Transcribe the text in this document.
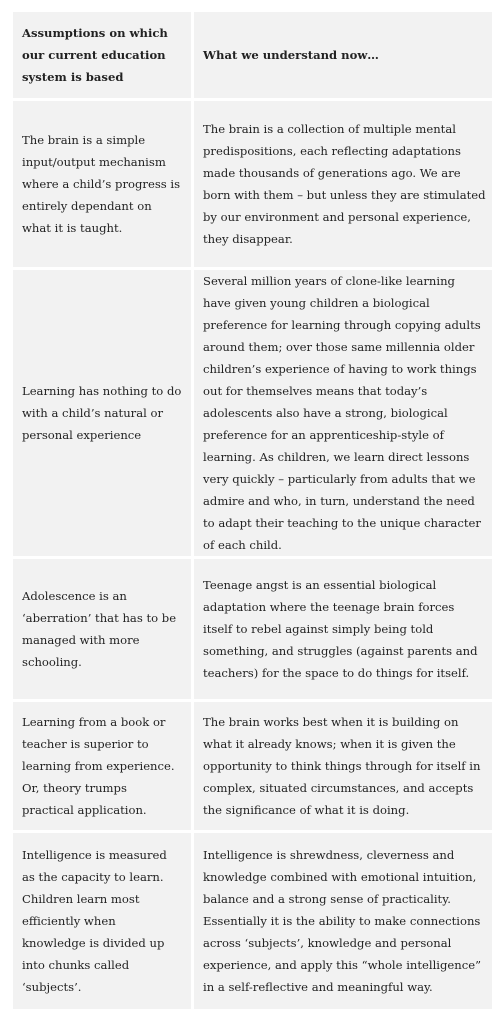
Assumptions on which our current education system is based	What we understand now…
The brain is a simple input/output mechanism where a child’s progress is entirely dependant on what it is taught.	The brain is a collection of multiple mental predispositions, each reflecting adaptations made thousands of generations ago. We are born with them – but unless they are stimulated by our environment and personal experience, they disappear.
Learning has nothing to do with a child’s natural or personal experience	Several million years of clone-like learning have given young children a biological preference for learning through copying adults around them; over those same millennia older children’s experience of having to work things out for themselves means that today’s adolescents also have a strong, biological preference for an apprenticeship-style of learning. As children, we learn direct lessons very quickly – particularly from adults that we admire and who, in turn, understand the need to adapt their teaching to the unique character of each child.
Adolescence is an ‘aberration’ that has to be managed with more schooling.	Teenage angst is an essential biological adaptation where the teenage brain forces itself to rebel against simply being told something, and struggles (against parents and teachers) for the space to do things for itself.
Learning from a book or teacher is superior to learning from experience. Or, theory trumps practical application.	The brain works best when it is building on what it already knows; when it is given the opportunity to think things through for itself in complex, situated circumstances, and accepts the significance of what it is doing.
Intelligence is measured as the capacity to learn. Children learn most efficiently when knowledge is divided up into chunks called ‘subjects’.	Intelligence is shrewdness, cleverness and knowledge combined with emotional intuition, balance and a strong sense of practicality. Essentially it is the ability to make connections across ‘subjects’, knowledge and personal experience, and apply this “whole intelligence” in a self-reflective and meaningful way.
